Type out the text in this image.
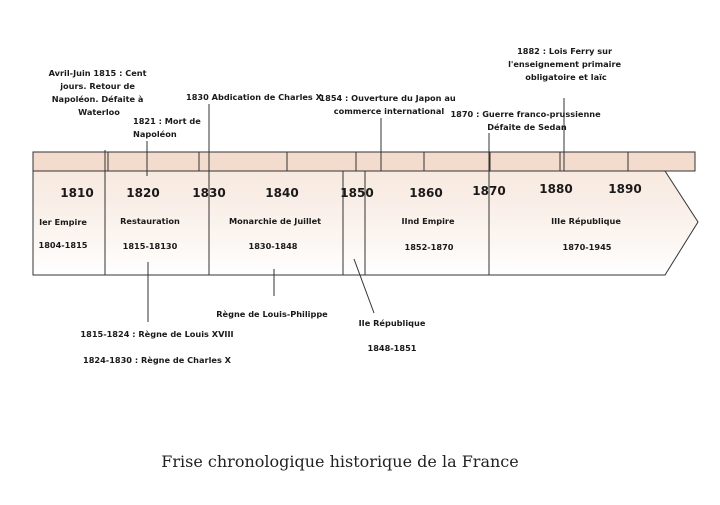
1810	1820	1830	1840	1850	1860 1870	1880	1890
Ier Empire
1804-1815
Restauration
1815-18130
Monarchie de Juillet
1830-1848
IInd Empire
1852-1870
IIIe République
1870-1945
Avril-Juin 1815 : Cent jours. Retour de Napoléon. Défaite à Waterloo
1821 : Mort de Napoléon
1830 Abdication de Charles X
1854 : Ouverture du Japon au commerce international 1870 : Guerre franco-prussienne Défaite de Sedan
1882 : Lois Ferry sur l'enseignement primaire obligatoire et laïc
Règne de Louis-Philippe
IIe République
1848-1851
1815-1824 : Règne de Louis XVIII
1824-1830 : Règne de Charles X
Frise chronologique historique de la France
